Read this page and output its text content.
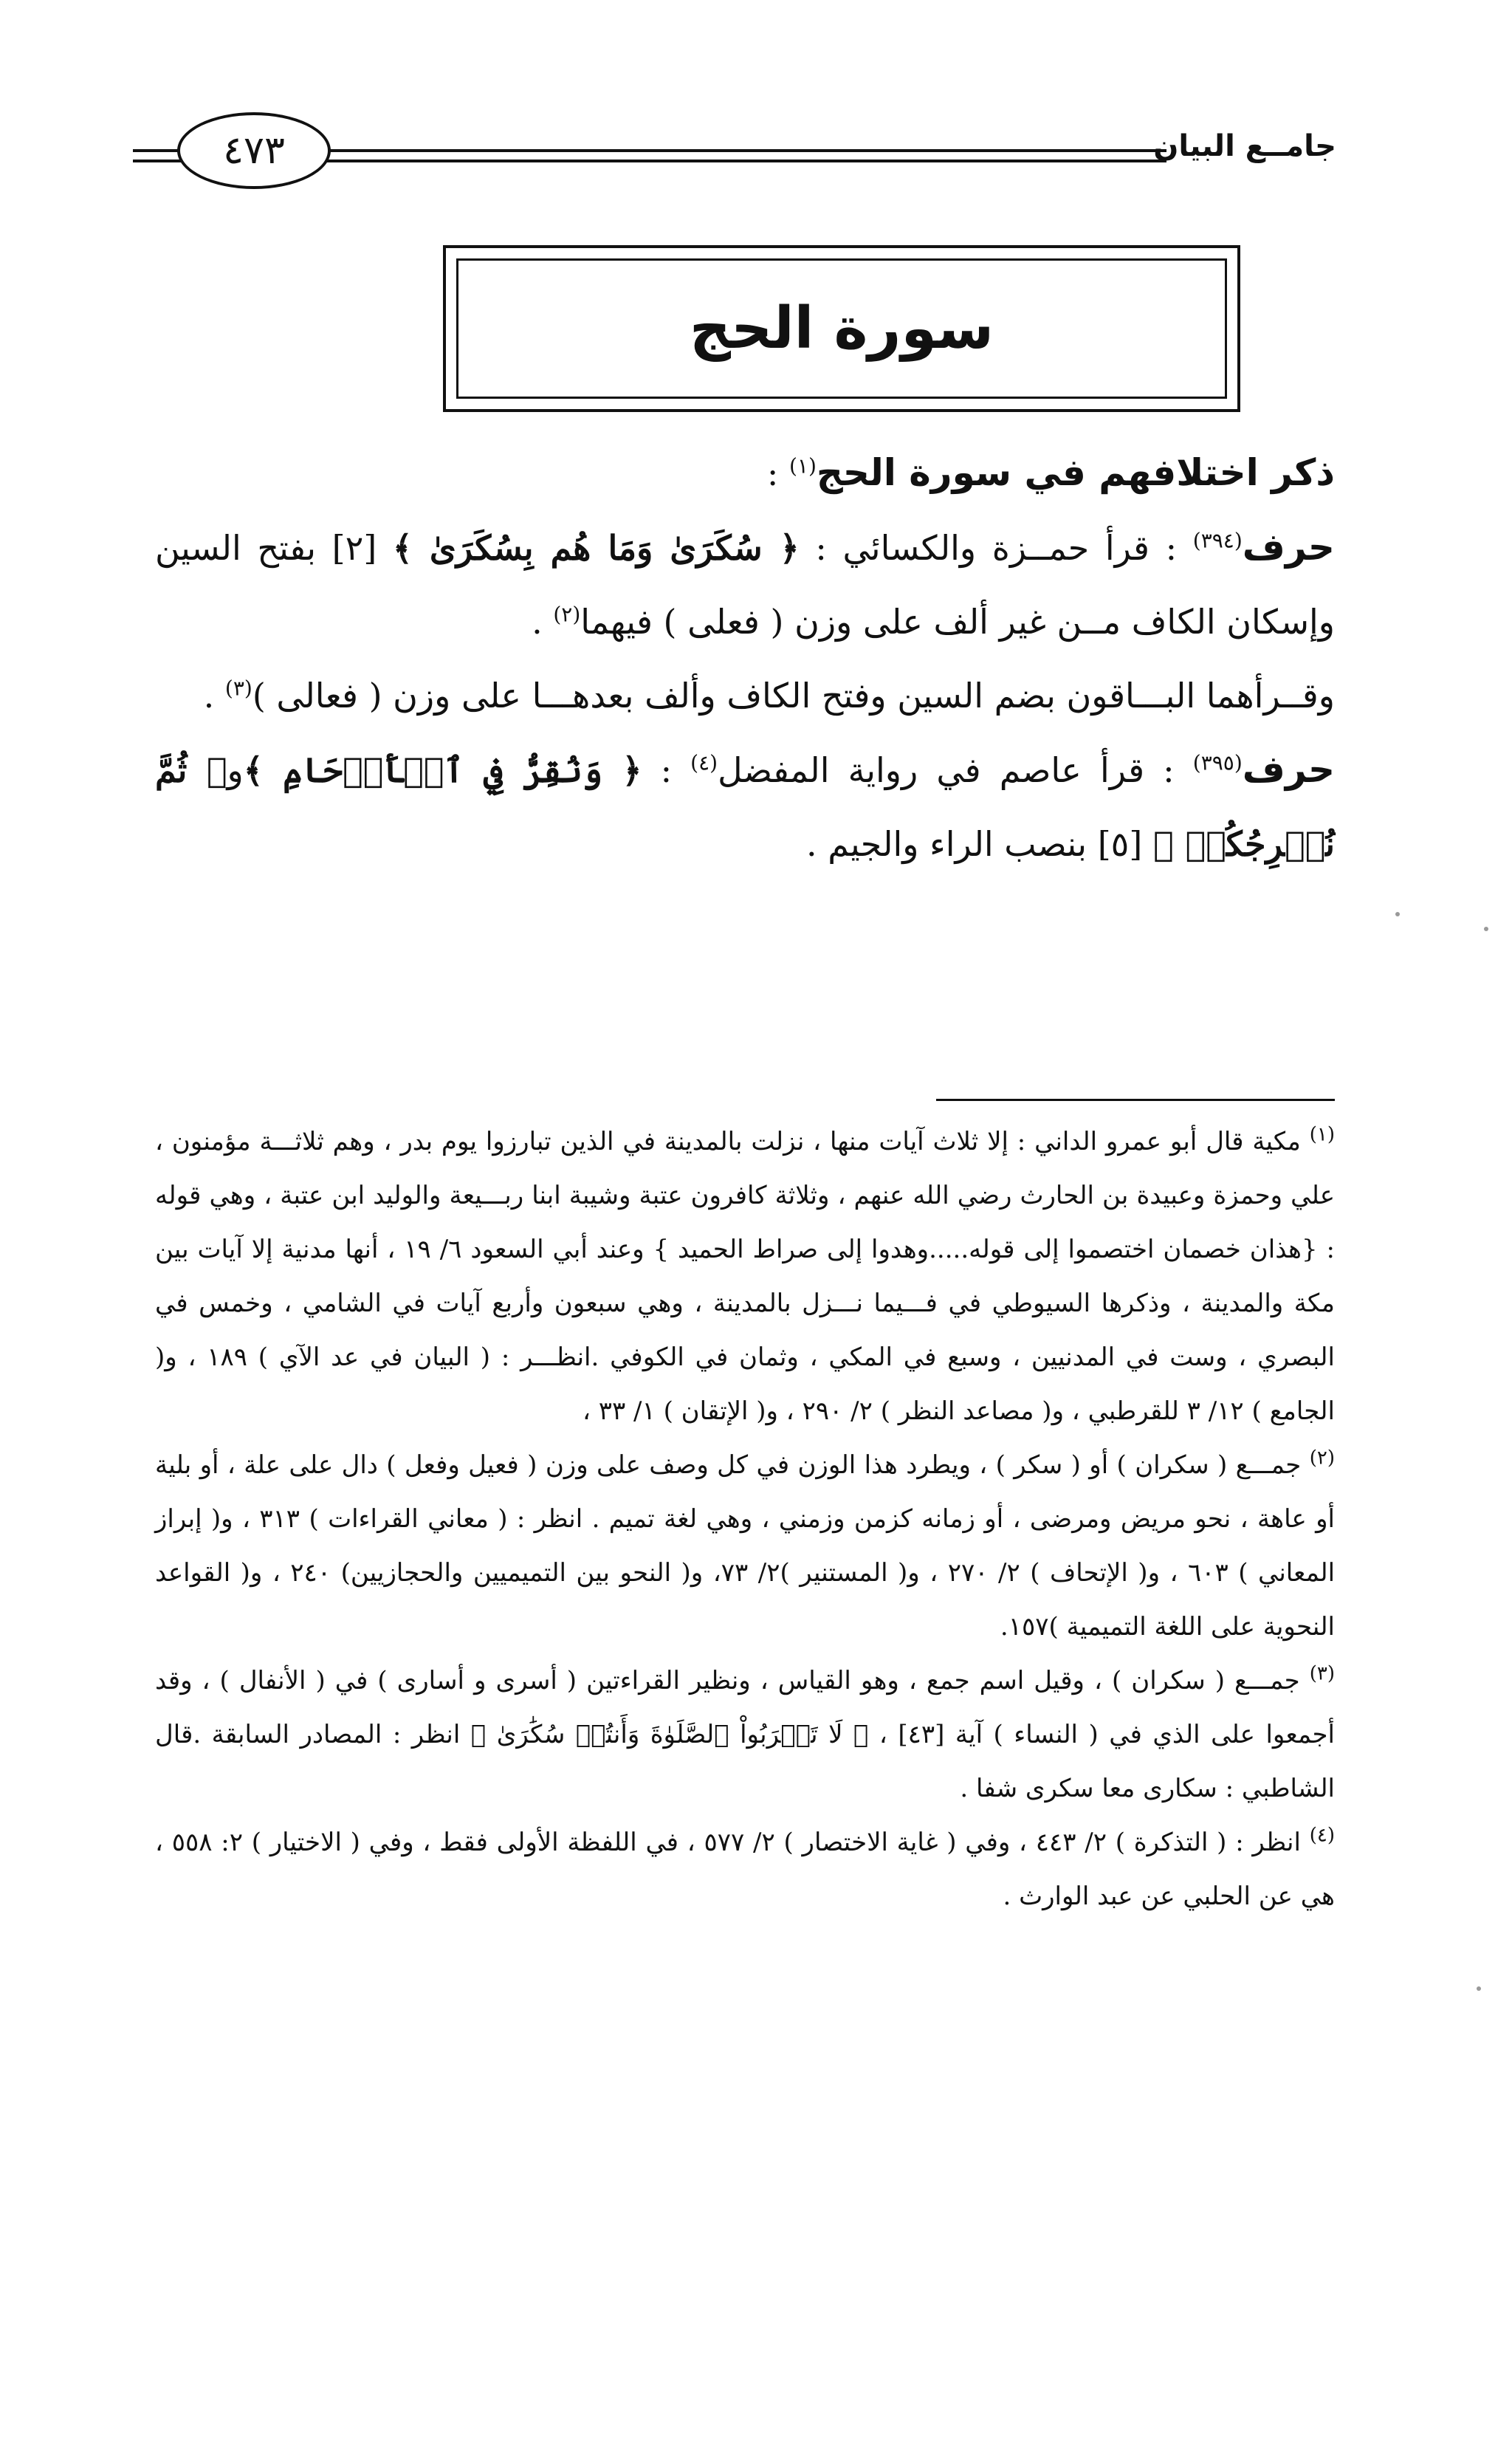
جامــع البيان
٤٧٣
سورة الحج

ذكر اختلافهم في سورة الحج$^{(١)}$ :

حرف$^{(٣٩٤)}$ : قرأ حمــزة والكسائي : ﴿ سُكَرَىٰ وَمَا هُم بِسُكَرَىٰ ﴾ [٢] بفتح السين وإسكان الكاف مــن غير ألف على وزن ( فعلى ) فيهما$^{(٢)}$ .

وقــرأهما البـــاقون بضم السين وفتح الكاف وألف بعدهـــا على وزن ( فعالى )$^{(٣)}$ .

حرف$^{(٣٩٥)}$ : قرأ عاصم في رواية المفضل$^{(٤)}$ : ﴿ وَنُقِرُّ فِي ٱلۡأَرۡحَامِ ﴾و﴿ ثُمَّ نُخۡرِجُكُمۡ ﴾ [٥] بنصب الراء والجيم .

$^{(١)}$ مكية قال أبو عمرو الداني : إلا ثلاث آيات منها ، نزلت بالمدينة في الذين تبارزوا يوم بدر ، وهم ثلاثـــة مؤمنون ، علي وحمزة وعبيدة بن الحارث رضي الله عنهم ، وثلاثة كافرون عتبة وشيبة ابنا ربـــيعة والوليد ابن عتبة ، وهي قوله : {هذان خصمان اختصموا إلى قوله.....وهدوا إلى صراط الحميد } وعند أبي السعود ٦/ ١٩ ، أنها مدنية إلا آيات بين مكة والمدينة ، وذكرها السيوطي في فـــيما نـــزل بالمدينة ، وهي سبعون وأربع آيات في الشامي ، وخمس في البصري ، وست في المدنيين ، وسبع في المكي ، وثمان في الكوفي .انظـــر : ( البيان في عد الآي ) ١٨٩ ، و( الجامع ) ١٢/ ٣ للقرطبي ، و( مصاعد النظر ) ٢/ ٢٩٠ ، و( الإتقان ) ١/ ٣٣ ،

$^{(٢)}$ جمـــع ( سكران ) أو ( سكر ) ، ويطرد هذا الوزن في كل وصف على وزن ( فعيل وفعل ) دال على علة ، أو بلية أو عاهة ، نحو مريض ومرضى ، أو زمانه كزمن وزمني ، وهي لغة تميم . انظر : ( معاني القراءات ) ٣١٣ ، و( إبراز المعاني ) ٦٠٣ ، و( الإتحاف ) ٢/ ٢٧٠ ، و( المستنير )٢/ ٧٣، و( النحو بين التميميين والحجازيين) ٢٤٠ ، و( القواعد النحوية على اللغة التميمية )١٥٧.

$^{(٣)}$ جمـــع ( سكران ) ، وقيل اسم جمع ، وهو القياس ، ونظير القراءتين ( أسرى و أسارى ) في ( الأنفال ) ، وقد أجمعوا على الذي في ( النساء ) آية [٤٣] ، ﴿ لَا تَقۡرَبُواْ ٱلصَّلَوٰةَ وَأَنتُمۡ سُكَٰرَىٰ ﴾ انظر : المصادر السابقة .قال الشاطبي : سكارى معا سكرى شفا .

$^{(٤)}$ انظر : ( التذكرة ) ٢/ ٤٤٣ ، وفي ( غاية الاختصار ) ٢/ ٥٧٧ ، في اللفظة الأولى فقط ، وفي ( الاختيار ) ٢: ٥٥٨ ، هي عن الحلبي عن عبد الوارث .
